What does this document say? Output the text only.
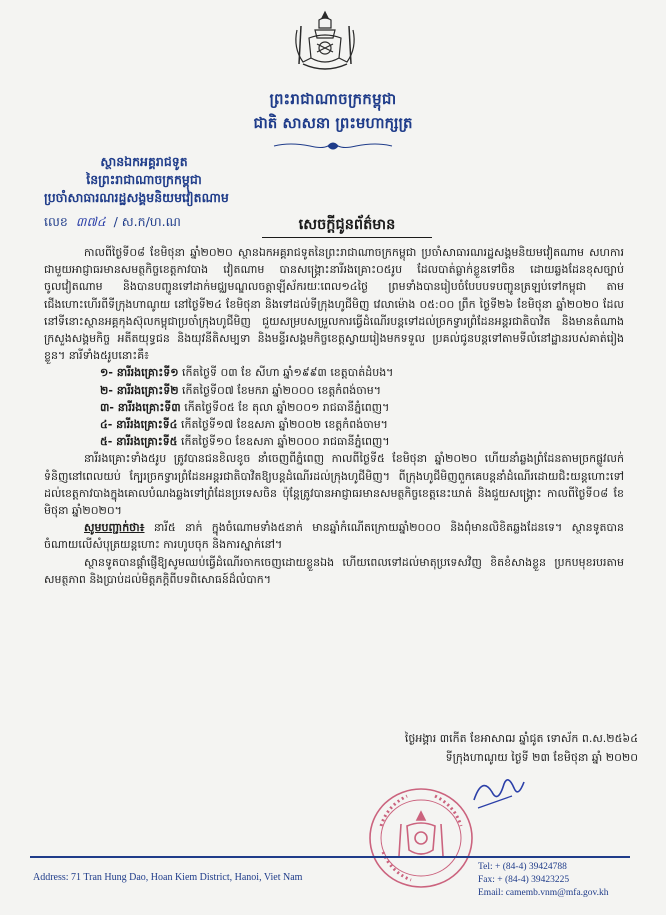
ព្រះរាជាណាចក្រកម្ពុជា
ជាតិ សាសនា ព្រះមហាក្សត្រ
ស្ថានឯកអគ្គរាជទូត
នៃព្រះរាជាណាចក្រកម្ពុជា
ប្រចាំសាធារណរដ្ឋសង្គមនិយមវៀតណាម
លេខ ៣៧៤ / ស.ក/ហ.ណ	សេចក្តីជូនព័ត៌មាន

កាលពីថ្ងៃទី០៨ ខែមិថុនា ឆ្នាំ២០២០ ស្ថានឯកអគ្គរាជទូតនៃព្រះរាជាណាចក្រកម្ពុជា ប្រចាំសាធារណរដ្ឋសង្គមនិយមវៀតណាម សហការជាមួយអាជ្ញាធរមានសមត្ថកិច្ចខេត្តកាវបាង វៀតណាម បានសង្គ្រោះនារីរងគ្រោះ០៥រូប ដែលបាត់ធ្លាក់ខ្លួនទៅចិន ដោយឆ្លងដែនខុសច្បាប់ចូលវៀតណាម និងបានបញ្ជូនទៅដាក់មជ្ឈមណ្ឌលចត្តាឡីស័ករយៈពេល១៤ថ្ងៃ ព្រមទាំងបានរៀបចំបែបបទបញ្ជូនត្រឡប់ទៅកម្ពុជា តាមជើងហោះហើរពីទីក្រុងហាណូយ នៅថ្ងៃទី២៤ ខែមិថុនា និងទៅដល់ទីក្រុងហូជីមិញ វេលាម៉ោង ០៥:០០ ព្រឹក ថ្ងៃទី២៦ ខែមិថុនា ឆ្នាំ២០២០ ដែលនៅទីនោះស្ថានអគ្គកុងស៊ុលកម្ពុជាប្រចាំក្រុងហូជីមិញ ជួយសម្របសម្រួលការធ្វើដំណើរបន្តទៅដល់ច្រកទ្វារព្រំដែនអន្តរជាតិបាវិត និងមានតំណាងក្រសួងសង្គមកិច្ច អតីតយុទ្ធជន និងយុវនីតិសម្បទា និងមន្ទីរសង្គមកិច្ចខេត្តស្វាយរៀងមកទទួល ប្រគល់ជូនបន្តទៅតាមទីលំនៅដ្ឋានរបស់គាត់រៀងខ្លួន។ នារីទាំង៥រូបនោះគឺ៖

១- នារីរងគ្រោះទី១ កើតថ្ងៃទី ០៣ ខែ សីហា ឆ្នាំ១៩៩៣ ខេត្តបាត់ដំបង។
២- នារីរងគ្រោះទី២ កើតថ្ងៃទី០៧ ខែមករា ឆ្នាំ២០០០ ខេត្តកំពង់ចាម។
៣- នារីរងគ្រោះទី៣ កើតថ្ងៃទី០៥ ខែ តុលា ឆ្នាំ២០០១ រាជធានីភ្នំពេញ។
៤- នារីរងគ្រោះទី៤ កើតថ្ងៃទី១៧ ខែឧសភា ឆ្នាំ២០០២ ខេត្តកំពង់ចាម។
៥- នារីរងគ្រោះទី៥ កើតថ្ងៃទី១០ ខែឧសភា ឆ្នាំ២០០០ រាជធានីភ្នំពេញ។

នារីរងគ្រោះទាំង៥រូប ត្រូវបានជនខិលខូច នាំចេញពីភ្នំពេញ កាលពីថ្ងៃទី៥ ខែមិថុនា ឆ្នាំ២០២០ ហើយនាំឆ្លងព្រំដែនតាមច្រកផ្លូវលក់ទំនិញនៅពេលយប់ ក្បែរច្រកទ្វារព្រំដែនអន្តរជាតិបាវិតឱ្យបន្តដំណើរដល់ក្រុងហូជីមិញ។ ពីក្រុងហូជីមិញពួកគេបន្តនាំដំណើរដោយជិះយន្តហោះទៅដល់ខេត្តកាវបាងក្នុងគោលបំណងឆ្លងទៅព្រំដែនប្រទេសចិន ប៉ុន្តែត្រូវបានអាជ្ញាធរមានសមត្ថកិច្ចខេត្តនេះឃាត់ និងជួយសង្គ្រោះ កាលពីថ្ងៃទី០៨ ខែមិថុនា ឆ្នាំ២០២០។

សូមបញ្ជាក់ថា៖ នារី៥ នាក់ ក្នុងចំណោមទាំង៥នាក់ មានឆ្នាំកំណើតក្រោយឆ្នាំ២០០០ និងពុំមានលិខិតឆ្លងដែនទេ។ ស្ថានទូតបានចំណាយលើសំបុត្រយន្តហោះ ការហូបចុក និងការស្នាក់នៅ។

ស្ថានទូតបានផ្តាំផ្ញើឱ្យសូមឈប់ធ្វើដំណើរចាកចេញដោយខ្លួនឯង ហើយពេលទៅដល់មាតុប្រទេសវិញ ខិតខំសាងខ្លួន ប្រកបមុខរបរតាមសមត្ថភាព និងប្រាប់ដល់មិត្តភក្តិពីបទពិសោធន៍ដ៏លំបាក។

ថ្ងៃអង្គារ ៣កើត ខែអាសាឍ ឆ្នាំជូត ទោស័ក ព.ស.២៥៦៤
ទីក្រុងហាណូយ ថ្ងៃទី ២៣ ខែមិថុនា ឆ្នាំ ២០២០
Address: 71 Tran Hung Dao, Hoan Kiem District, Hanoi, Viet Nam
Tel: + (84-4) 39424788
Fax: + (84-4) 39423225
Email: camemb.vnm@mfa.gov.kh
